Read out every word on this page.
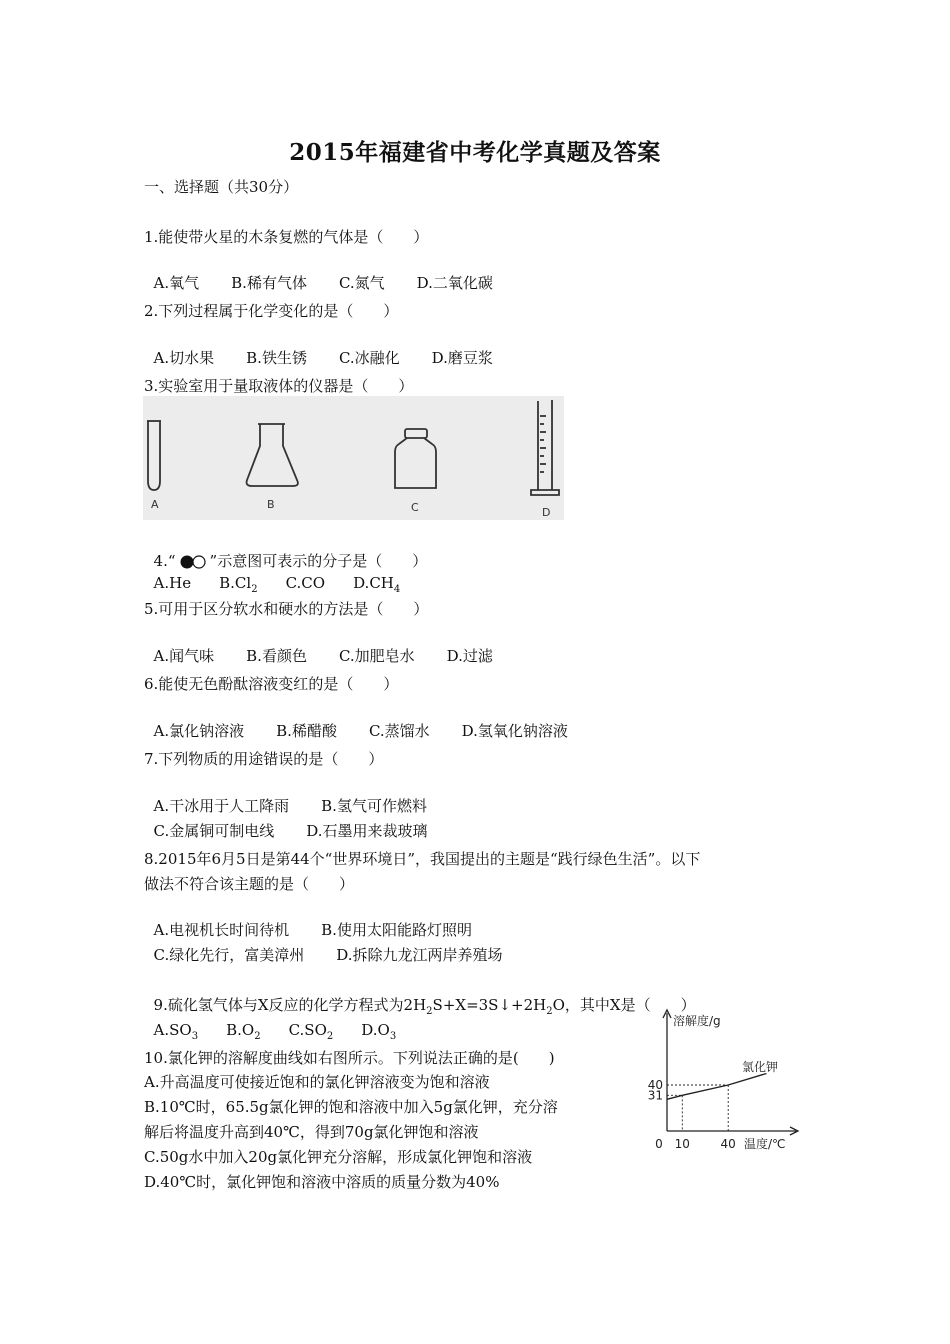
2015年福建省中考化学真题及答案
一、选择题（共30分）
1.能使带火星的木条复燃的气体是（　　）

A.氧气 B.稀有气体 C.氮气 D.二氧化碳

2.下列过程属于化学变化的是（　　）

A.切水果 B.铁生锈 C.冰融化 D.磨豆浆

3.实验室用于量取液体的仪器是（　　）
A	B	C	D

4.“ ”示意图可表示的分子是（　　）

A.He $B.Cl_2$ C.CO $D.CH_4$

5.可用于区分软水和硬水的方法是（　　）

A.闻气味 B.看颜色 C.加肥皂水 D.过滤

6.能使无色酚酞溶液变红的是（　　）

A.氯化钠溶液 B.稀醋酸 C.蒸馏水 D.氢氧化钠溶液

7.下列物质的用途错误的是（　　）

A.干冰用于人工降雨 B.氢气可作燃料

C.金属铜可制电线 D.石墨用来裁玻璃

8.2015年6月5日是第44个“世界环境日”，我国提出的主题是“践行绿色生活”。以下
做法不符合该主题的是（　　）

A.电视机长时间待机 B.使用太阳能路灯照明

C.绿化先行，富美漳州 D.拆除九龙江两岸养殖场

9.硫化氢气体与X反应的化学方程式为$2H_2S+X=3S↓+2H_2O$，其中X是（　　）

$A.SO_3$ $B.O_2$ $C.SO_2$ $D.O_3$

10.氯化钾的溶解度曲线如右图所示。下列说法正确的是(　　)
A.升高温度可使接近饱和的氯化钾溶液变为饱和溶液
B.10℃时，65.5g氯化钾的饱和溶液中加入5g氯化钾，充分溶
解后将温度升高到40℃，得到70g氯化钾饱和溶液
C.50g水中加入20g氯化钾充分溶解，形成氯化钾饱和溶液
D.40℃时，氯化钾饱和溶液中溶质的质量分数为40%
溶解度/g
温度/℃
氯化钾
31
40
0 10	40
